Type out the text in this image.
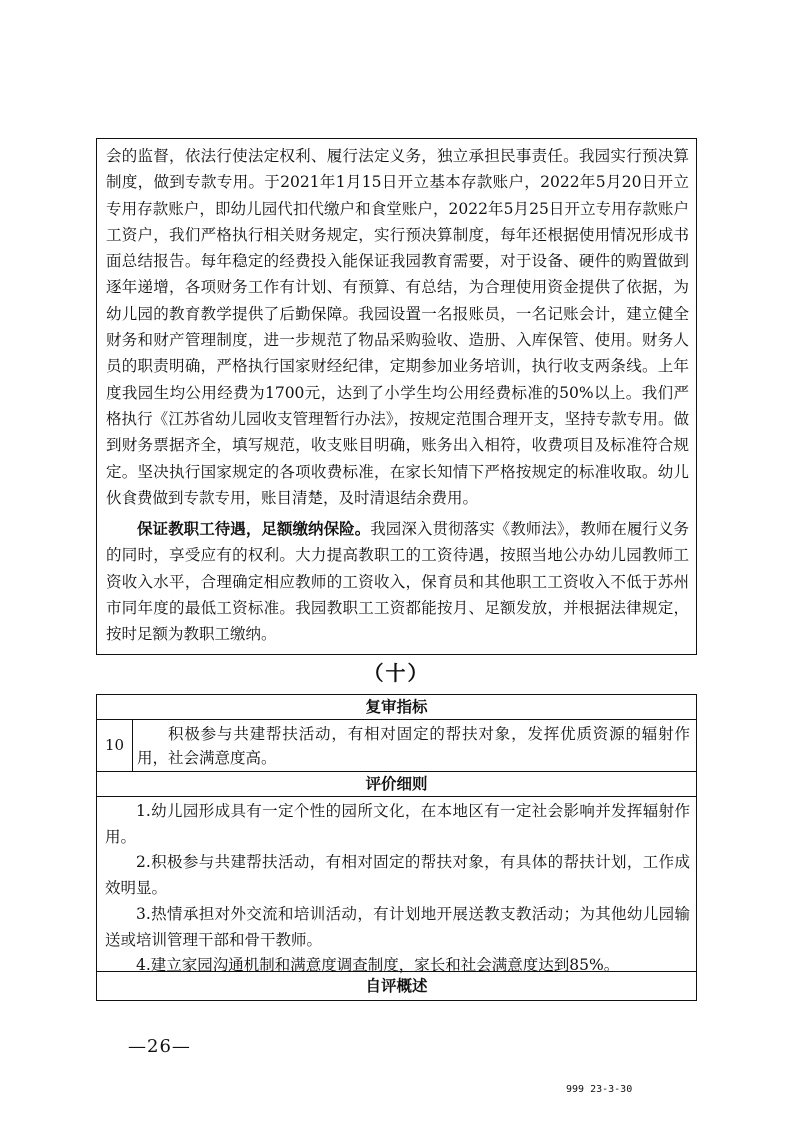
会的监督，依法行使法定权利、履行法定义务，独立承担民事责任。我园实行预决算制度，做到专款专用。于2021年1月15日开立基本存款账户，2022年5月20日开立专用存款账户，即幼儿园代扣代缴户和食堂账户，2022年5月25日开立专用存款账户工资户，我们严格执行相关财务规定，实行预决算制度，每年还根据使用情况形成书面总结报告。每年稳定的经费投入能保证我园教育需要，对于设备、硬件的购置做到逐年递增，各项财务工作有计划、有预算、有总结，为合理使用资金提供了依据，为幼儿园的教育教学提供了后勤保障。我园设置一名报账员，一名记账会计，建立健全财务和财产管理制度，进一步规范了物品采购验收、造册、入库保管、使用。财务人员的职责明确，严格执行国家财经纪律，定期参加业务培训，执行收支两条线。上年度我园生均公用经费为1700元，达到了小学生均公用经费标准的50%以上。我们严格执行《江苏省幼儿园收支管理暂行办法》，按规定范围合理开支，坚持专款专用。做到财务票据齐全，填写规范，收支账目明确，账务出入相符，收费项目及标准符合规定。坚决执行国家规定的各项收费标准，在家长知情下严格按规定的标准收取。幼儿伙食费做到专款专用，账目清楚，及时清退结余费用。

保证教职工待遇，足额缴纳保险。我园深入贯彻落实《教师法》，教师在履行义务的同时，享受应有的权利。大力提高教职工的工资待遇，按照当地公办幼儿园教师工资收入水平，合理确定相应教师的工资收入，保育员和其他职工工资收入不低于苏州市同年度的最低工资标准。我园教职工工资都能按月、足额发放，并根据法律规定，按时足额为教职工缴纳。

（十）
复审指标
10

积极参与共建帮扶活动，有相对固定的帮扶对象，发挥优质资源的辐射作用，社会满意度高。

评价细则
1.幼儿园形成具有一定个性的园所文化，在本地区有一定社会影响并发挥辐射作用。
2.积极参与共建帮扶活动，有相对固定的帮扶对象，有具体的帮扶计划，工作成效明显。
3.热情承担对外交流和培训活动，有计划地开展送教支教活动；为其他幼儿园输送或培训管理干部和骨干教师。
4.建立家园沟通机制和满意度调查制度，家长和社会满意度达到85%。
自评概述
—26—
999 23-3-30
